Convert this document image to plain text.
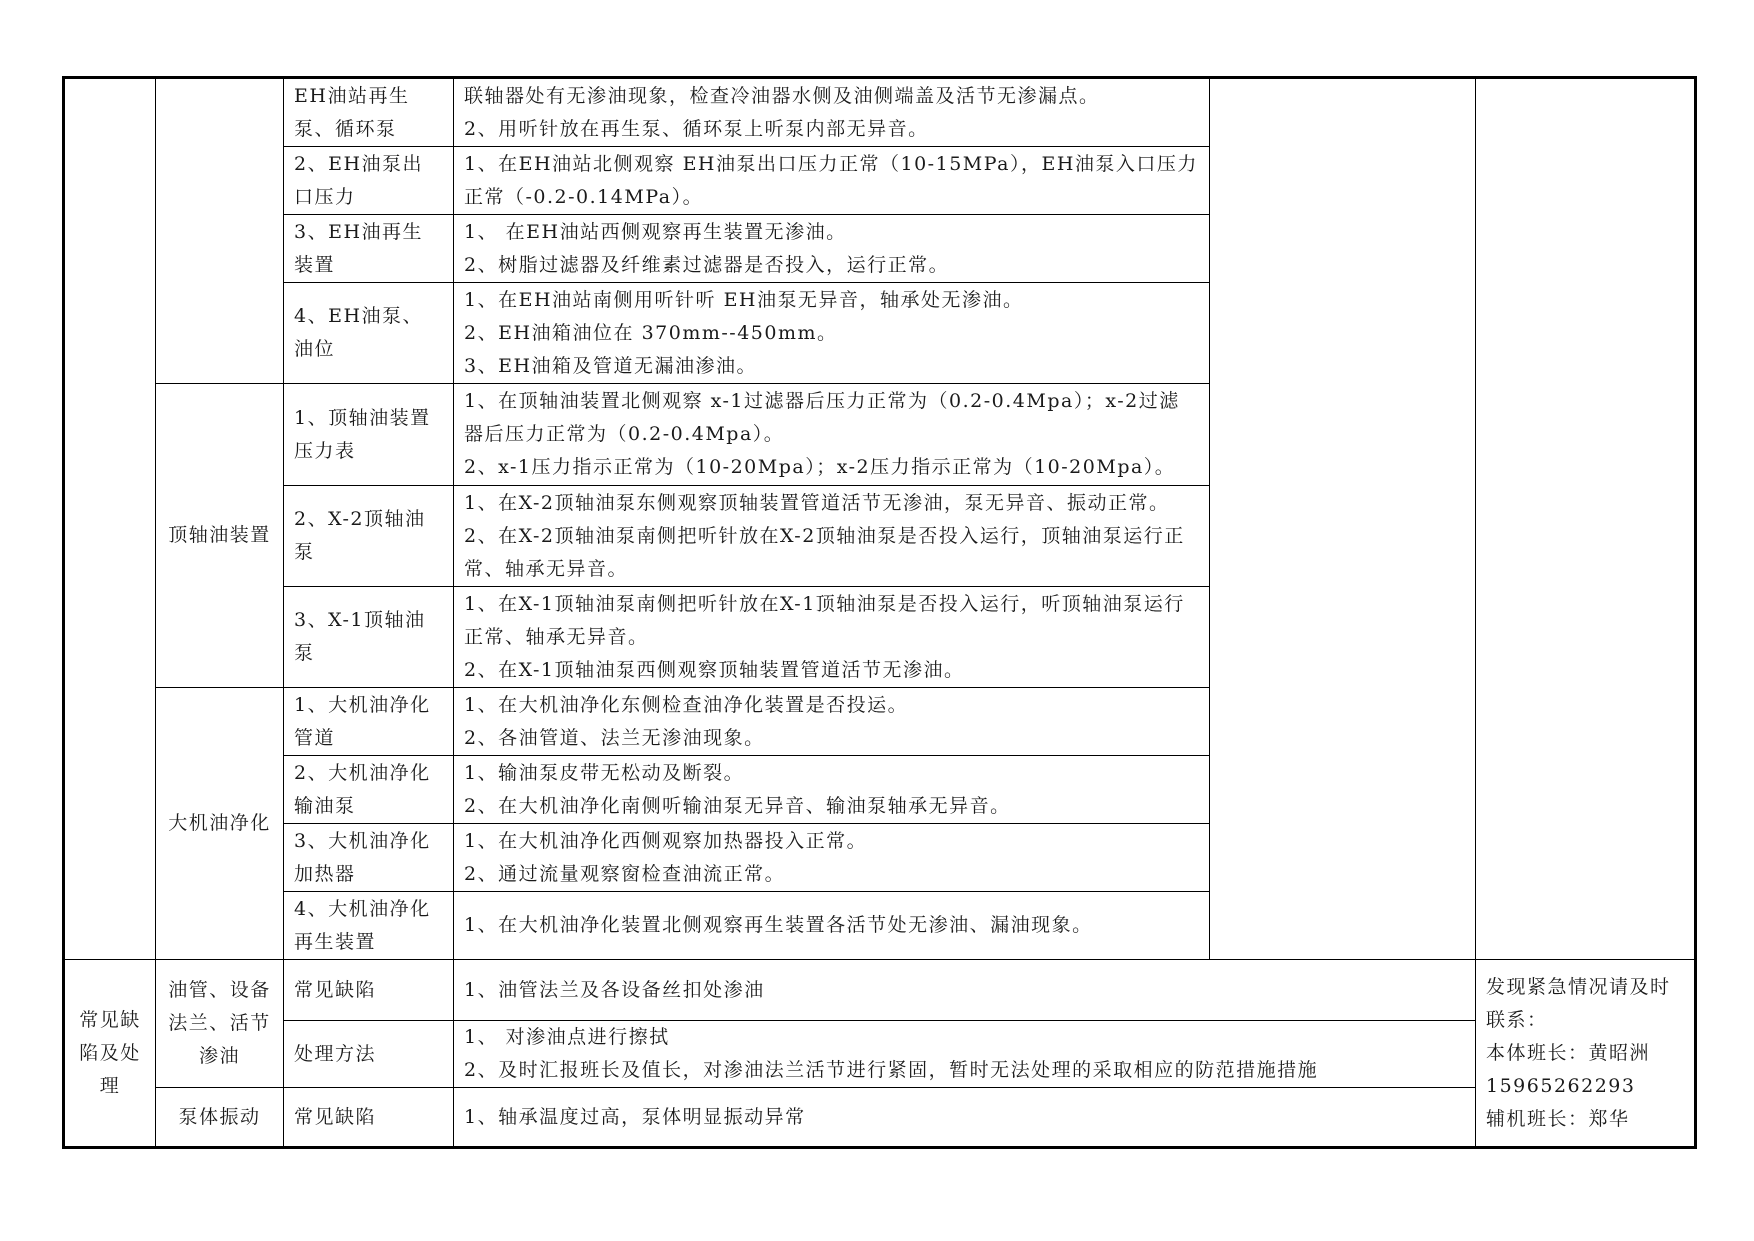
		EH油站再生泵、循环泵	联轴器处有无渗油现象，检查冷油器水侧及油侧端盖及活节无渗漏点。
2、用听针放在再生泵、循环泵上听泵内部无异音。		

		2、EH油泵出口压力	1、在EH油站北侧观察 EH油泵出口压力正常（10-15MPa），EH油泵入口压力正常（-0.2-0.14MPa）。		

		3、EH油再生装置	1、 在EH油站西侧观察再生装置无渗油。
2、树脂过滤器及纤维素过滤器是否投入，运行正常。		

		4、EH油泵、油位	1、在EH油站南侧用听针听 EH油泵无异音，轴承处无渗油。
2、EH油箱油位在 370mm--450mm。
3、EH油箱及管道无漏油渗油。		

	顶轴油装置	1、顶轴油装置压力表	1、在顶轴油装置北侧观察 x-1过滤器后压力正常为（0.2-0.4Mpa）；x-2过滤器后压力正常为（0.2-0.4Mpa）。
2、x-1压力指示正常为（10-20Mpa）；x-2压力指示正常为（10-20Mpa）。		

		2、X-2顶轴油泵	1、在X-2顶轴油泵东侧观察顶轴装置管道活节无渗油，泵无异音、振动正常。
2、在X-2顶轴油泵南侧把听针放在X-2顶轴油泵是否投入运行，顶轴油泵运行正常、轴承无异音。		

		3、X-1顶轴油泵	1、在X-1顶轴油泵南侧把听针放在X-1顶轴油泵是否投入运行，听顶轴油泵运行正常、轴承无异音。
2、在X-1顶轴油泵西侧观察顶轴装置管道活节无渗油。		

	大机油净化	1、大机油净化管道	1、在大机油净化东侧检查油净化装置是否投运。
2、各油管道、法兰无渗油现象。		

		2、大机油净化输油泵	1、输油泵皮带无松动及断裂。
2、在大机油净化南侧听输油泵无异音、输油泵轴承无异音。		

		3、大机油净化加热器	1、在大机油净化西侧观察加热器投入正常。
2、通过流量观察窗检查油流正常。		

		4、大机油净化再生装置	1、在大机油净化装置北侧观察再生装置各活节处无渗油、漏油现象。		

常见缺陷及处理	油管、设备法兰、活节渗油	常见缺陷	1、油管法兰及各设备丝扣处渗油		发现紧急情况请及时联系：
本体班长：黄昭洲
15965262293
辅机班长：郑华

		处理方法	1、 对渗油点进行擦拭
2、及时汇报班长及值长，对渗油法兰活节进行紧固，暂时无法处理的采取相应的防范措施措施		

	泵体振动	常见缺陷	1、轴承温度过高，泵体明显振动异常		
